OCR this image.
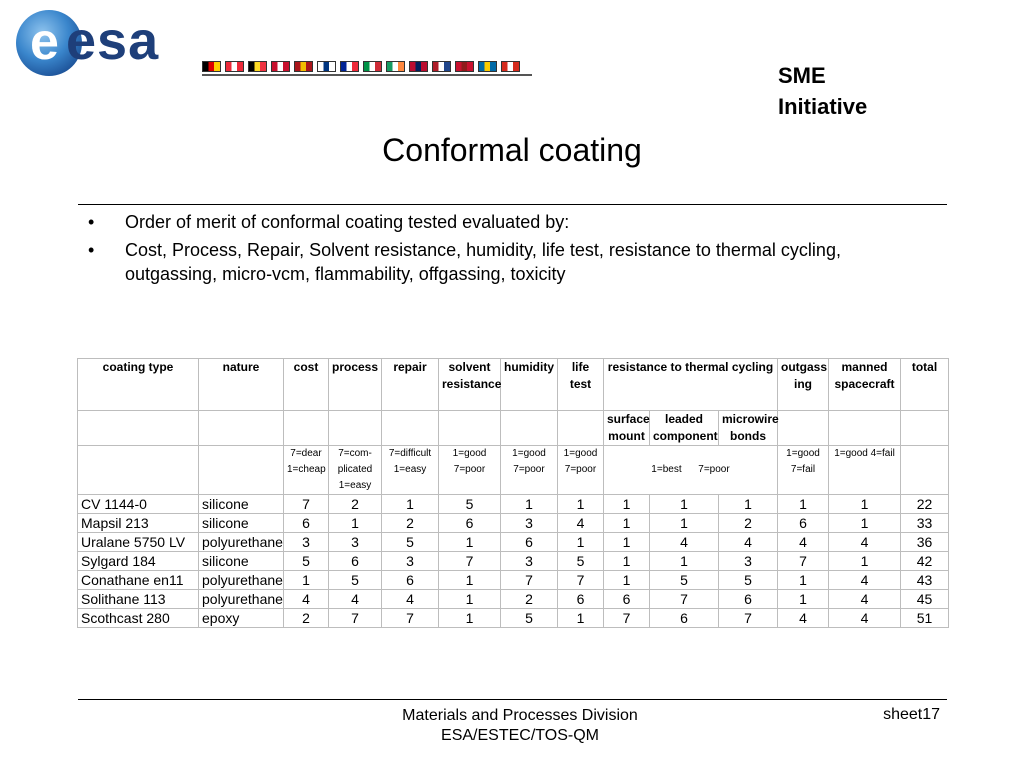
e esa
SME Initiative
Conformal coating
• Order of merit of conformal coating tested evaluated by:
• Cost, Process, Repair, Solvent resistance, humidity, life test, resistance to thermal cycling, outgassing, micro-vcm, flammability, offgassing, toxicity
coating type	nature	cost	process	repair	solvent resistance	humidity	life test	resistance to thermal cycling			outgass ing	manned spacecraft	total
								surface mount	leaded component	microwire bonds			
		7=dear 1=cheap	7=com-plicated 1=easy	7=difficult 1=easy	1=good 7=poor	1=good 7=poor	1=good 7=poor	1=best      7=poor			1=good 7=fail	1=good 4=fail	
CV 1144-0	silicone	7	2	1	5	1	1	1	1	1	1	1	22
Mapsil 213	silicone	6	1	2	6	3	4	1	1	2	6	1	33
Uralane 5750 LV	polyurethane	3	3	5	1	6	1	1	4	4	4	4	36
Sylgard 184	silicone	5	6	3	7	3	5	1	1	3	7	1	42
Conathane en11	polyurethane	1	5	6	1	7	7	1	5	5	1	4	43
Solithane 113	polyurethane	4	4	4	1	2	6	6	7	6	1	4	45
Scothcast 280	epoxy	2	7	7	1	5	1	7	6	7	4	4	51
Materials and Processes Division
ESA/ESTEC/TOS-QM
sheet17
